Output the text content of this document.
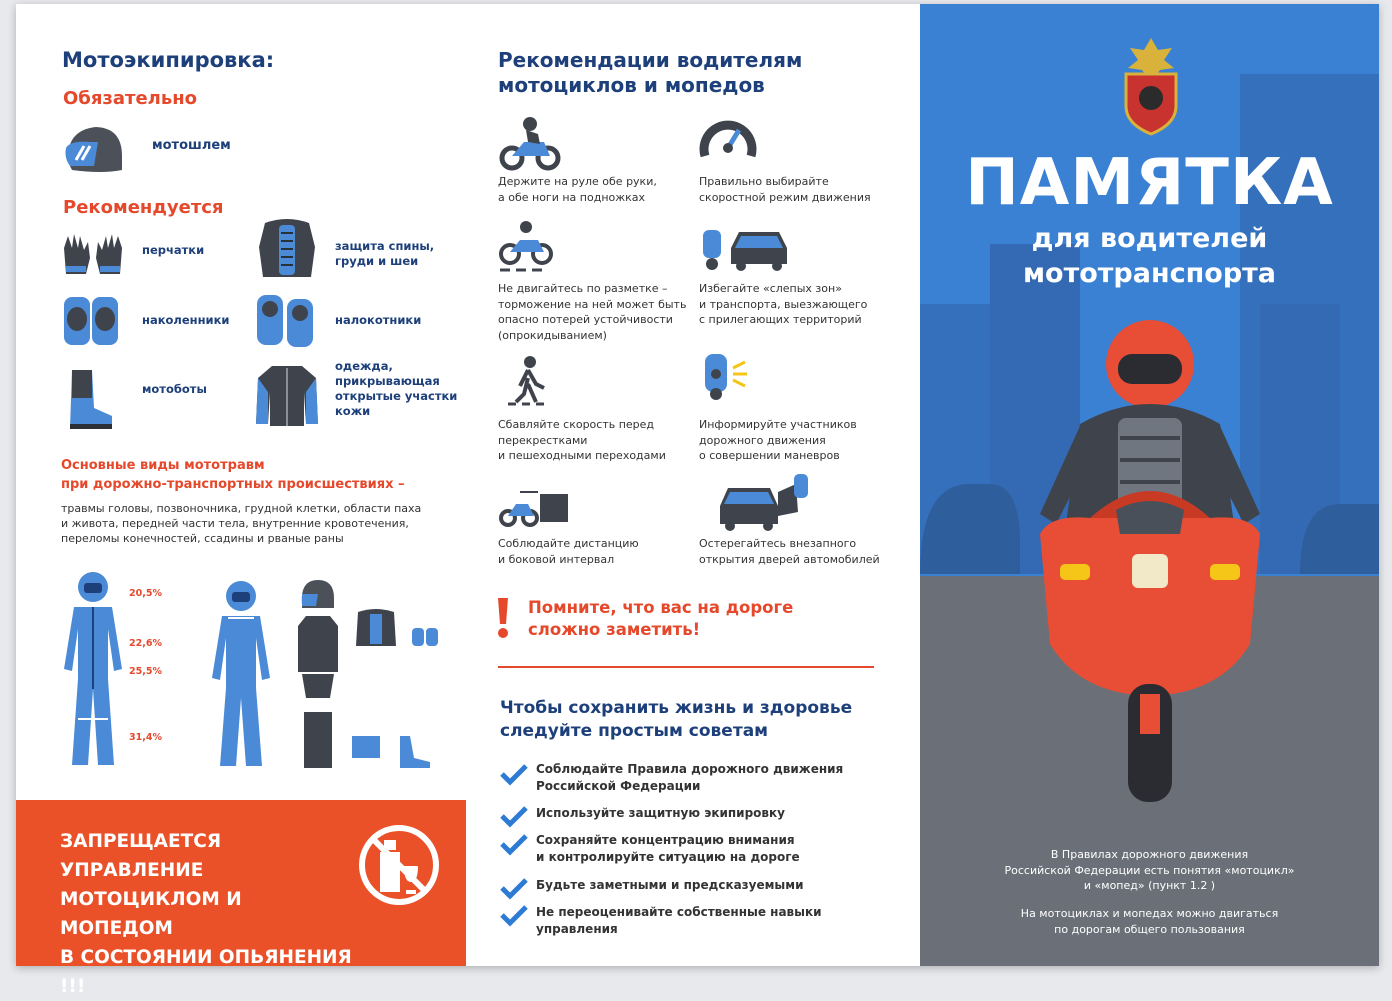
Мотоэкипировка:
Обязательно
мотошлем
Рекомендуется
перчатки	защита спины,
груди и шеи
наколенники	налокотники
мотоботы
одежда,
прикрывающая
открытые участки
кожи
Основные виды мототравм
при дорожно-транспортных происшествиях –
травмы головы, позвоночника, грудной клетки, области паха
и живота, передней части тела, внутренние кровотечения,
переломы конечностей, ссадины и рваные раны
20,5%
22,6%
25,5%
31,4%
ЗАПРЕЩАЕТСЯ УПРАВЛЕНИЕ
МОТОЦИКЛОМ И МОПЕДОМ
В СОСТОЯНИИ ОПЬЯНЕНИЯ !!!
Рекомендации водителям
мотоциклов и мопедов
Держите на руле обе руки,
а обе ноги на подножках
Правильно выбирайте
скоростной режим движения
Не двигайтесь по разметке –
торможение на ней может быть
опасно потерей устойчивости
(опрокидыванием)
Избегайте «слепых зон»
и транспорта, выезжающего
с прилегающих территорий
Сбавляйте скорость перед
перекрестками
и пешеходными переходами
Информируйте участников
дорожного движения
о совершении маневров
Соблюдайте дистанцию
и боковой интервал
Остерегайтесь внезапного
открытия дверей автомобилей
Помните, что вас на дороге
сложно заметить!
Чтобы сохранить жизнь и здоровье
следуйте простым советам
Соблюдайте Правила дорожного движения
Российской Федерации
Используйте защитную экипировку
Сохраняйте концентрацию внимания
и контролируйте ситуацию на дороге
Будьте заметными и предсказуемыми
Не переоценивайте собственные навыки
управления
ПАМЯТКА
для водителей
мототранспорта
В Правилах дорожного движения
Российской Федерации есть понятия «мотоцикл»
и «мопед» (пункт 1.2 )
На мотоциклах и мопедах можно двигаться
по дорогам общего пользования
